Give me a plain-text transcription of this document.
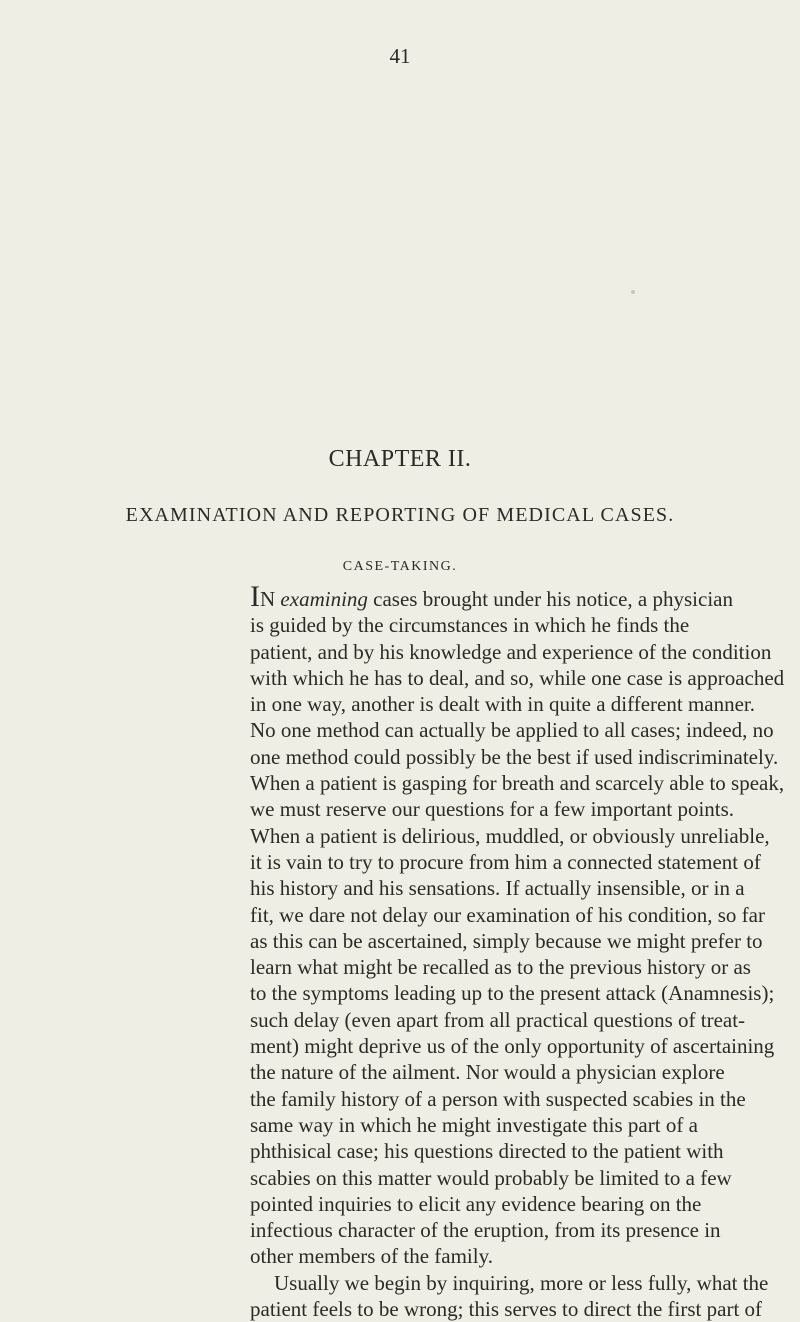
41
CHAPTER II.
EXAMINATION AND REPORTING OF MEDICAL CASES.
CASE-TAKING.
IN examining cases brought under his notice, a physician
is guided by the circumstances in which he finds the
patient, and by his knowledge and experience of the condition
with which he has to deal, and so, while one case is approached
in one way, another is dealt with in quite a different manner.
No one method can actually be applied to all cases; indeed, no
one method could possibly be the best if used indiscriminately.
When a patient is gasping for breath and scarcely able to speak,
we must reserve our questions for a few important points.
When a patient is delirious, muddled, or obviously unreliable,
it is vain to try to procure from him a connected statement of
his history and his sensations. If actually insensible, or in a
fit, we dare not delay our examination of his condition, so far
as this can be ascertained, simply because we might prefer to
learn what might be recalled as to the previous history or as
to the symptoms leading up to the present attack (Anamnesis);
such delay (even apart from all practical questions of treat-
ment) might deprive us of the only opportunity of ascertaining
the nature of the ailment. Nor would a physician explore
the family history of a person with suspected scabies in the
same way in which he might investigate this part of a
phthisical case; his questions directed to the patient with
scabies on this matter would probably be limited to a few
pointed inquiries to elicit any evidence bearing on the
infectious character of the eruption, from its presence in
other members of the family.
Usually we begin by inquiring, more or less fully, what the
patient feels to be wrong; this serves to direct the first part of
